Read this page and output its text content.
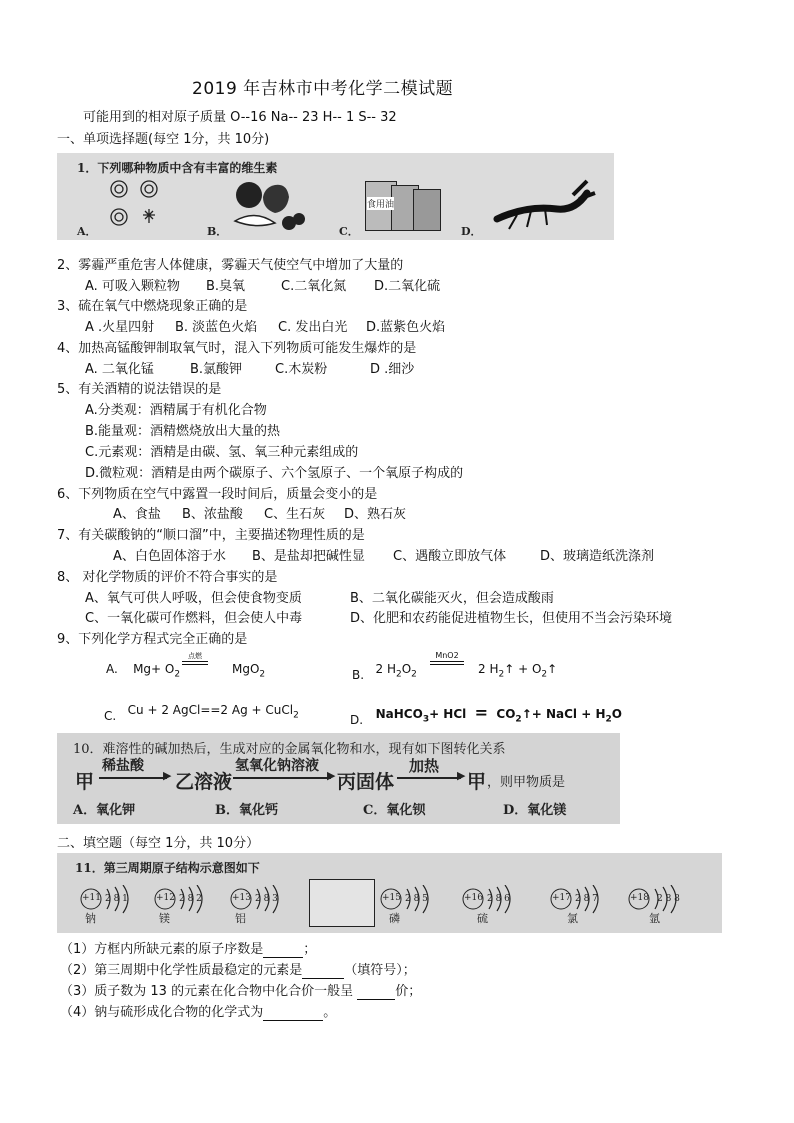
2019 年吉林市中考化学二模试题
可能用到的相对原子质量 O--16 Na-- 23 H-- 1 S-- 32
一、单项选择题(每空 1分，共 10分)
1．下列哪种物质中含有丰富的维生素
A．	B．
食用油
C．	D．
2、雾霾严重危害人体健康，雾霾天气使空气中增加了大量的
A. 可吸入颗粒物 B.臭氧	C.二氧化氮 D.二氧化硫
3、硫在氧气中燃烧现象正确的是
A .火星四射 B. 淡蓝色火焰 C. 发出白光 D.蓝紫色火焰
4、加热高锰酸钾制取氧气时，混入下列物质可能发生爆炸的是
A. 二氧化锰	B.氯酸钾	C.木炭粉	D .细沙
5、有关酒精的说法错误的是
A.分类观：酒精属于有机化合物
B.能量观：酒精燃烧放出大量的热
C.元素观：酒精是由碳、氢、氧三种元素组成的
D.微粒观：酒精是由两个碳原子、六个氢原子、一个氧原子构成的
6、下列物质在空气中露置一段时间后，质量会变小的是
A、食盐 B、浓盐酸 C、生石灰 D、熟石灰
7、有关碳酸钠的“顺口溜”中，主要描述物理性质的是
A、白色固体溶于水 B、是盐却把碱性显 C、遇酸立即放气体	D、玻璃造纸洗涤剂
8、 对化学物质的评价不符合事实的是
A、氧气可供人呼吸，但会使食物变质	B、二氧化碳能灭火，但会造成酸雨
C、一氧化碳可作燃料，但会使人中毒	D、化肥和农药能促进植物生长，但使用不当会污染环境
9、下列化学方程式完全正确的是
A. $Mg+ O_2$
点燃
MgO$_2$	B. 2 $H_2O_2$
MnO2
2 $H_2↑$ + $O_2↑$
C. Cu + 2 AgCl==2 Ag + CuCl$_2$	D. NaHCO$_3$+ HCl = $CO_2↑+$ NaCl + $H_2O$
10．难溶性的碱加热后，生成对应的金属氧化物和水，现有如下图转化关系
甲
稀盐酸
▶ 乙溶液
氢氧化钠溶液
▶ 丙固体
加热
▶ 甲 ，则甲物质是
A．氧化钾	B．氧化钙	C．氧化钡	D．氧化镁
二、填空题（每空 1分，共 10分）
11．第三周期原子结构示意图如下
+11 2 8 1
钠
+12 2 8 2
镁
+13 2 8 3
铝
+15 2 8 5
磷
+16 2 8 6
硫
+17 2 8 7
氯
+18 2 8 8
氩
（1）方框内所缺元素的原子序数是	；
（2）第三周期中化学性质最稳定的元素是	（填符号）；
（3）质子数为 13 的元素在化合物中化合价一般呈	价；
（4）钠与硫形成化合物的化学式为	。
